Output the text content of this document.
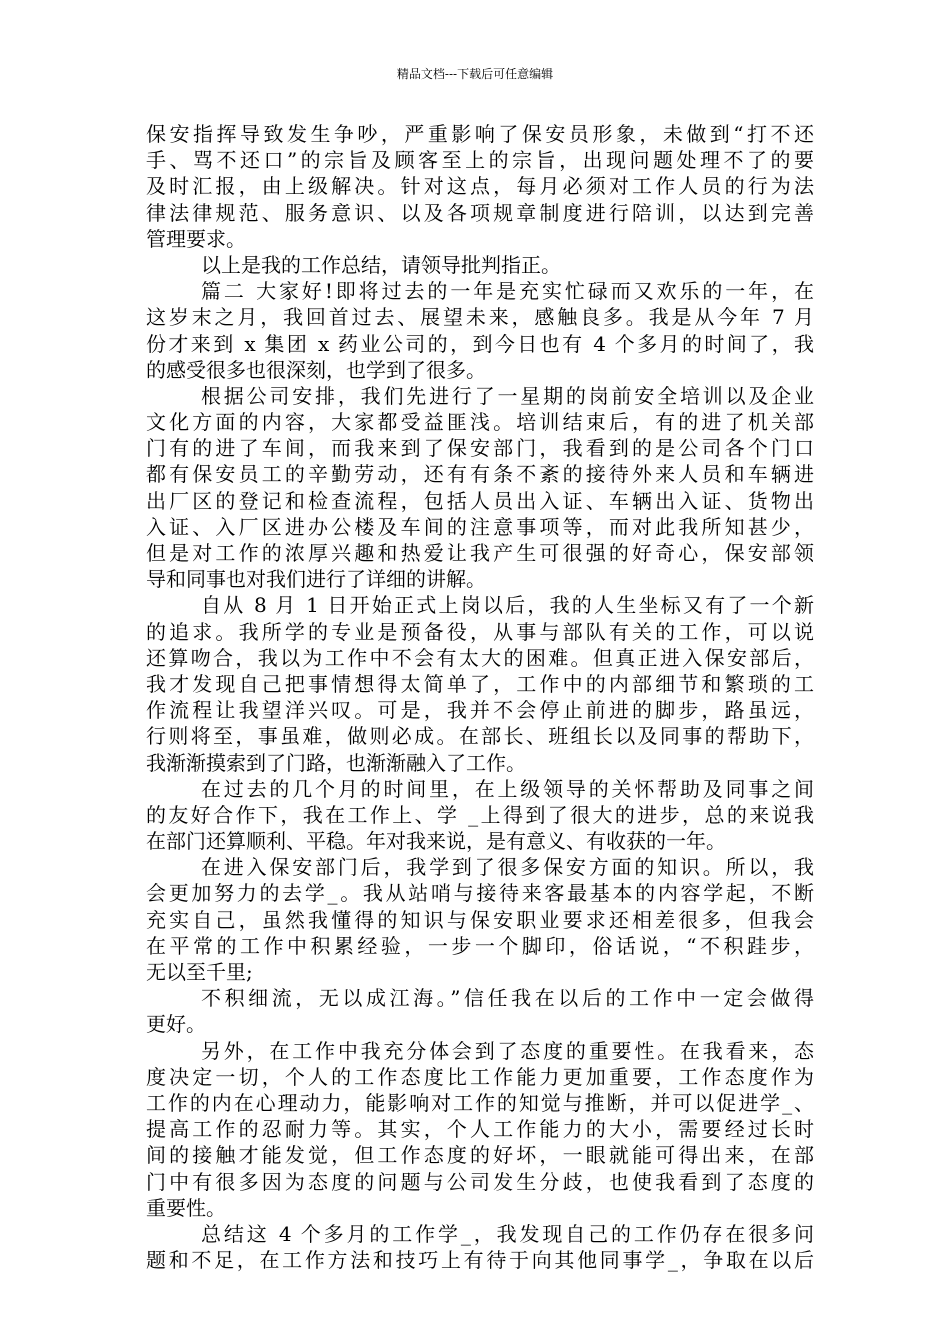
精品文档---下载后可任意编辑
保安指挥导致发生争吵，严重影响了保安员形象，未做到“打不还
手、骂不还口”的宗旨及顾客至上的宗旨，出现问题处理不了的要
及时汇报，由上级解决。针对这点，每月必须对工作人员的行为法
律法律规范、服务意识、以及各项规章制度进行陪训，以达到完善
管理要求。
以上是我的工作总结，请领导批判指正。
篇二 大家好!即将过去的一年是充实忙碌而又欢乐的一年，在
这岁末之月，我回首过去、展望未来，感触良多。我是从今年 7 月
份才来到 x 集团 x 药业公司的，到今日也有 4 个多月的时间了，我
的感受很多也很深刻，也学到了很多。
根据公司安排，我们先进行了一星期的岗前安全培训以及企业
文化方面的内容，大家都受益匪浅。培训结束后，有的进了机关部
门有的进了车间，而我来到了保安部门，我看到的是公司各个门口
都有保安员工的辛勤劳动，还有有条不紊的接待外来人员和车辆进
出厂区的登记和检查流程，包括人员出入证、车辆出入证、货物出
入证、入厂区进办公楼及车间的注意事项等，而对此我所知甚少，
但是对工作的浓厚兴趣和热爱让我产生可很强的好奇心，保安部领
导和同事也对我们进行了详细的讲解。
自从 8 月 1 日开始正式上岗以后，我的人生坐标又有了一个新
的追求。我所学的专业是预备役，从事与部队有关的工作，可以说
还算吻合，我以为工作中不会有太大的困难。但真正进入保安部后，
我才发现自己把事情想得太简单了，工作中的内部细节和繁琐的工
作流程让我望洋兴叹。可是，我并不会停止前进的脚步，路虽远，
行则将至，事虽难，做则必成。在部长、班组长以及同事的帮助下，
我渐渐摸索到了门路，也渐渐融入了工作。
在过去的几个月的时间里，在上级领导的关怀帮助及同事之间
的友好合作下，我在工作上、学 _上得到了很大的进步，总的来说我
在部门还算顺利、平稳。年对我来说，是有意义、有收获的一年。
在进入保安部门后，我学到了很多保安方面的知识。所以，我
会更加努力的去学_。我从站哨与接待来客最基本的内容学起，不断
充实自己，虽然我懂得的知识与保安职业要求还相差很多，但我会
在平常的工作中积累经验，一步一个脚印，俗话说，“不积跬步，
无以至千里;
不积细流，无以成江海。”信任我在以后的工作中一定会做得
更好。
另外，在工作中我充分体会到了态度的重要性。在我看来，态
度决定一切，个人的工作态度比工作能力更加重要，工作态度作为
工作的内在心理动力，能影响对工作的知觉与推断，并可以促进学_、
提高工作的忍耐力等。其实，个人工作能力的大小，需要经过长时
间的接触才能发觉，但工作态度的好坏，一眼就能可得出来，在部
门中有很多因为态度的问题与公司发生分歧，也使我看到了态度的
重要性。
总结这 4 个多月的工作学_，我发现自己的工作仍存在很多问
题和不足，在工作方法和技巧上有待于向其他同事学_，争取在以后
